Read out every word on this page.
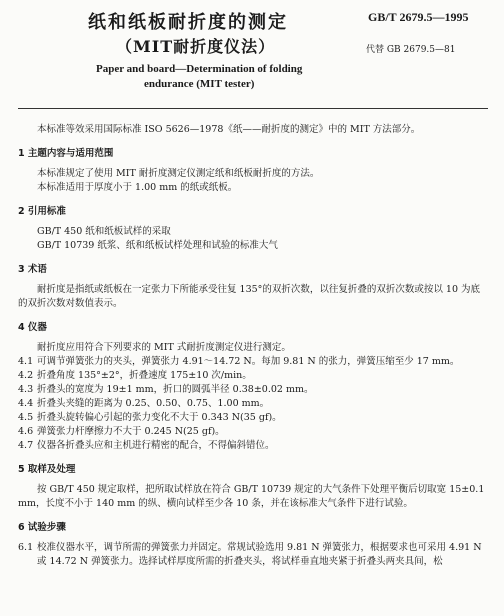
纸和纸板耐折度的测定
（MIT耐折度仪法）
GB/T 2679.5—1995
代替 GB 2679.5—81
Paper and board—Determination of folding
endurance (MIT tester)

本标准等效采用国际标准 ISO 5626—1978《纸——耐折度的测定》中的 MIT 方法部分。

1 主题内容与适用范围

本标准规定了使用 MIT 耐折度测定仪测定纸和纸板耐折度的方法。

本标准适用于厚度小于 1.00 mm 的纸或纸板。

2 引用标准

GB/T 450 纸和纸板试样的采取

GB/T 10739 纸浆、纸和纸板试样处理和试验的标准大气

3 术语

耐折度是指纸或纸板在一定张力下所能承受往复 135°的双折次数，以往复折叠的双折次数或按以 10 为底的双折次数对数值表示。

4 仪器

耐折度应用符合下列要求的 MIT 式耐折度测定仪进行测定。

4.1 可调节弹簧张力的夹头，弹簧张力 4.91～14.72 N。每加 9.81 N 的张力，弹簧压缩至少 17 mm。
4.2 折叠角度 135°±2°，折叠速度 175±10 次/min。
4.3 折叠头的宽度为 19±1 mm，折口的圆弧半径 0.38±0.02 mm。
4.4 折叠头夹缝的距离为 0.25、0.50、0.75、1.00 mm。
4.5 折叠头旋转偏心引起的张力变化不大于 0.343 N(35 gf)。
4.6 弹簧张力杆摩擦力不大于 0.245 N(25 gf)。
4.7 仪器各折叠头应和主机进行精密的配合，不得偏斜错位。

5 取样及处理

按 GB/T 450 规定取样，把所取试样放在符合 GB/T 10739 规定的大气条件下处理平衡后切取宽 15±0.1 mm，长度不小于 140 mm 的纵、横向试样至少各 10 条，并在该标准大气条件下进行试验。

6 试验步骤

6.1 校准仪器水平，调节所需的弹簧张力并固定。常规试验选用 9.81 N 弹簧张力，根据要求也可采用 4.91 N 或 14.72 N 弹簧张力。选择试样厚度所需的折叠夹头，将试样垂直地夹紧于折叠头两夹具间，松
